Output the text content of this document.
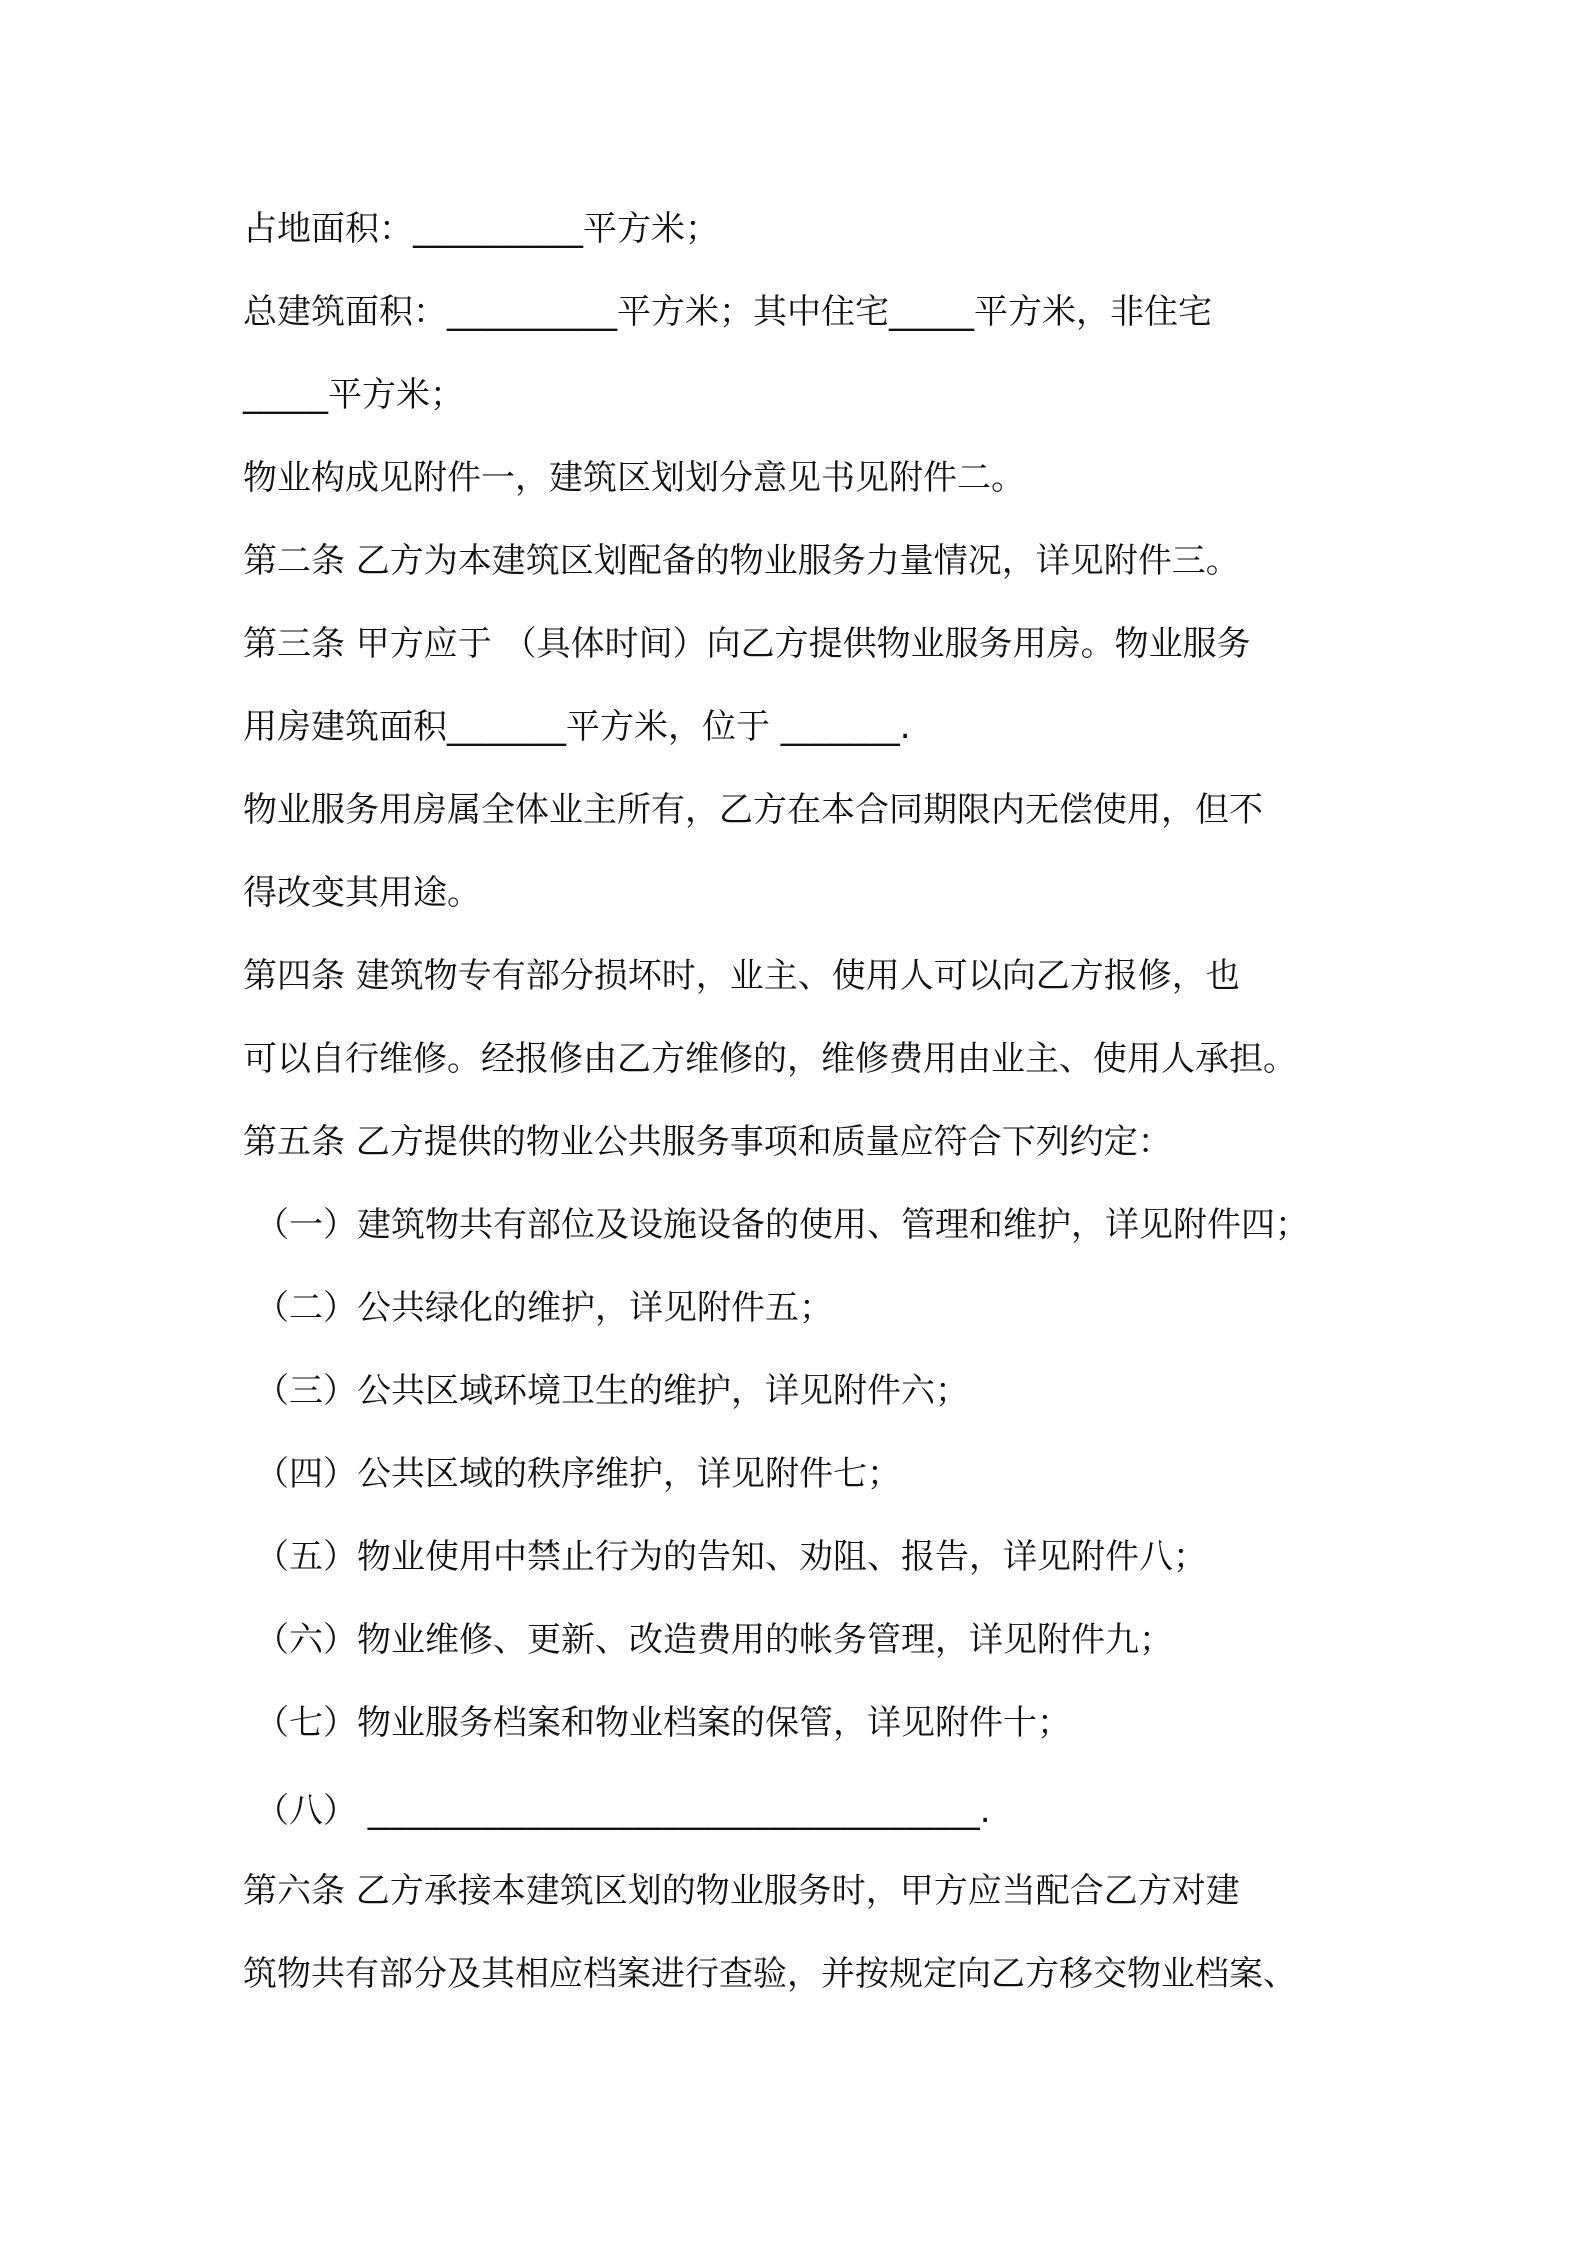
占地面积：__________平方米；
总建筑面积：__________平方米；其中住宅_____平方米，非住宅
_____平方米；
物业构成见附件一，建筑区划划分意见书见附件二。
第二条 乙方为本建筑区划配备的物业服务力量情况，详见附件三。
第三条 甲方应于 （具体时间）向乙方提供物业服务用房。物业服务
用房建筑面积_______平方米，位于 _______.
物业服务用房属全体业主所有，乙方在本合同期限内无偿使用，但不
得改变其用途。
第四条 建筑物专有部分损坏时，业主、使用人可以向乙方报修，也
可以自行维修。经报修由乙方维修的，维修费用由业主、使用人承担。
第五条 乙方提供的物业公共服务事项和质量应符合下列约定：
（一）建筑物共有部位及设施设备的使用、管理和维护，详见附件四；
（二）公共绿化的维护，详见附件五；
（三）公共区域环境卫生的维护，详见附件六；
（四）公共区域的秩序维护，详见附件七；
（五）物业使用中禁止行为的告知、劝阻、报告，详见附件八；
（六）物业维修、更新、改造费用的帐务管理，详见附件九；
（七）物业服务档案和物业档案的保管，详见附件十；
（八） ____________________________________.
第六条 乙方承接本建筑区划的物业服务时，甲方应当配合乙方对建
筑物共有部分及其相应档案进行查验，并按规定向乙方移交物业档案、
